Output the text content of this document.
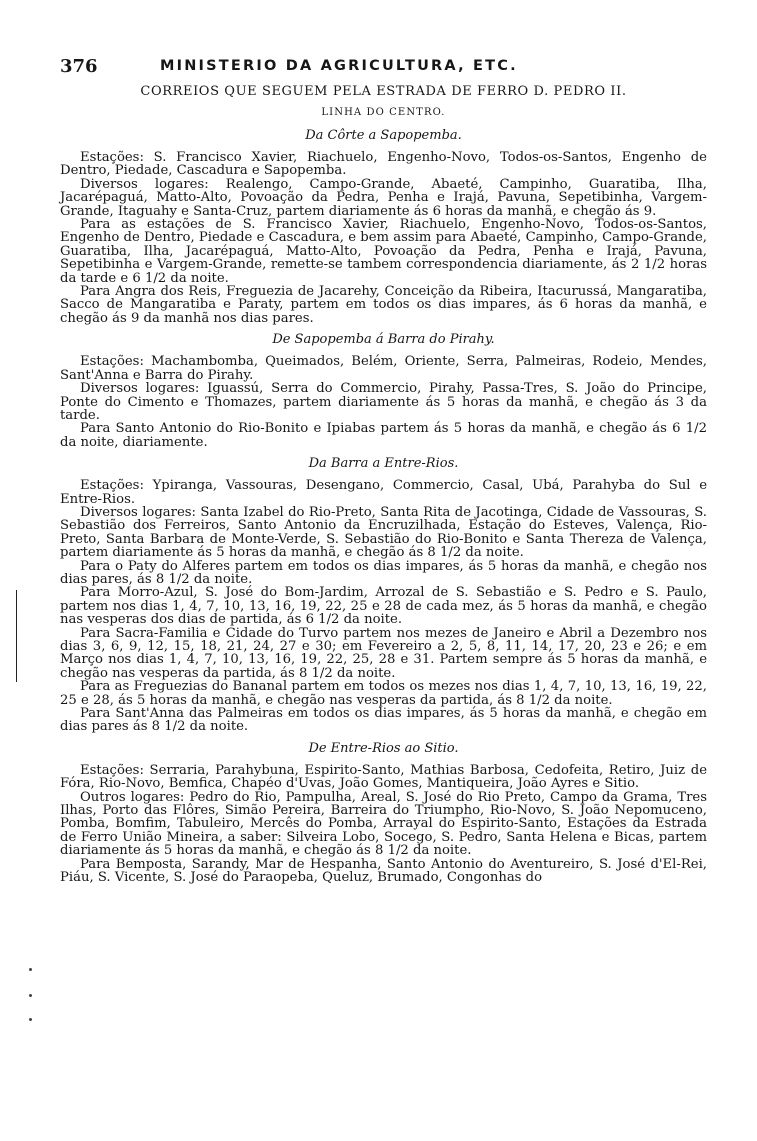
376	MINISTERIO DA AGRICULTURA, ETC.
CORREIOS QUE SEGUEM PELA ESTRADA DE FERRO D. PEDRO II.
LINHA DO CENTRO.
Da Côrte a Sapopemba.

Estações: S. Francisco Xavier, Riachuelo, Engenho-Novo, Todos-os-Santos, Engenho de Dentro, Piedade, Cascadura e Sapopemba.

Diversos logares: Realengo, Campo-Grande, Abaeté, Campinho, Guaratiba, Ilha, Jacarépaguá, Matto-Alto, Povoação da Pedra, Penha e Irajá, Pavuna, Sepetibinha, Vargem-Grande, Itaguahy e Santa-Cruz, partem diariamente ás 6 horas da manhã, e chegão ás 9.

Para as estações de S. Francisco Xavier, Riachuelo, Engenho-Novo, Todos-os-Santos, Engenho de Dentro, Piedade e Cascadura, e bem assim para Abaeté, Campinho, Campo-Grande, Guaratiba, Ilha, Jacarépaguá, Matto-Alto, Povoação da Pedra, Penha e Irajá, Pavuna, Sepetibinha e Vargem-Grande, remette-se tambem correspondencia diariamente, ás 2 1/2 horas da tarde e 6 1/2 da noite.

Para Angra dos Reis, Freguezia de Jacarehy, Conceição da Ribeira, Itacurussá, Mangaratiba, Sacco de Mangaratiba e Paraty, partem em todos os dias impares, ás 6 horas da manhã, e chegão ás 9 da manhã nos dias pares.

De Sapopemba á Barra do Pirahy.

Estações: Machambomba, Queimados, Belém, Oriente, Serra, Palmeiras, Rodeio, Mendes, Sant'Anna e Barra do Pirahy.

Diversos logares: Iguassú, Serra do Commercio, Pirahy, Passa-Tres, S. João do Principe, Ponte do Cimento e Thomazes, partem diariamente ás 5 horas da manhã, e chegão ás 3 da tarde.

Para Santo Antonio do Rio-Bonito e Ipiabas partem ás 5 horas da manhã, e chegão ás 6 1/2 da noite, diariamente.

Da Barra a Entre-Rios.

Estações: Ypiranga, Vassouras, Desengano, Commercio, Casal, Ubá, Parahyba do Sul e Entre-Rios.

Diversos logares: Santa Izabel do Rio-Preto, Santa Rita de Jacotinga, Cidade de Vassouras, S. Sebastião dos Ferreiros, Santo Antonio da Encruzilhada, Estação do Esteves, Valença, Rio-Preto, Santa Barbara de Monte-Verde, S. Sebastião do Rio-Bonito e Santa Thereza de Valença, partem diariamente ás 5 horas da manhã, e chegão ás 8 1/2 da noite.

Para o Paty do Alferes partem em todos os dias impares, ás 5 horas da manhã, e chegão nos dias pares, ás 8 1/2 da noite.

Para Morro-Azul, S. José do Bom-Jardim, Arrozal de S. Sebastião e S. Pedro e S. Paulo, partem nos dias 1, 4, 7, 10, 13, 16, 19, 22, 25 e 28 de cada mez, ás 5 horas da manhã, e chegão nas vesperas dos dias de partida, ás 6 1/2 da noite.

Para Sacra-Familia e Cidade do Turvo partem nos mezes de Janeiro e Abril a Dezembro nos dias 3, 6, 9, 12, 15, 18, 21, 24, 27 e 30; em Fevereiro a 2, 5, 8, 11, 14, 17, 20, 23 e 26; e em Março nos dias 1, 4, 7, 10, 13, 16, 19, 22, 25, 28 e 31. Partem sempre ás 5 horas da manhã, e chegão nas vesperas da partida, ás 8 1/2 da noite.

Para as Freguezias do Bananal partem em todos os mezes nos dias 1, 4, 7, 10, 13, 16, 19, 22, 25 e 28, ás 5 horas da manhã, e chegão nas vesperas da partida, ás 8 1/2 da noite.

Para Sant'Anna das Palmeiras em todos os dias impares, ás 5 horas da manhã, e chegão em dias pares ás 8 1/2 da noite.

De Entre-Rios ao Sitio.

Estações: Serraria, Parahybuna, Espirito-Santo, Mathias Barbosa, Cedofeita, Retiro, Juiz de Fóra, Rio-Novo, Bemfica, Chapéo d'Uvas, João Gomes, Mantiqueira, João Ayres e Sitio.

Outros logares: Pedro do Rio, Pampulha, Areal, S. José do Rio Preto, Campo da Grama, Tres Ilhas, Porto das Flôres, Simão Pereira, Barreira do Triumpho, Rio-Novo, S. João Nepomuceno, Pomba, Bomfim, Tabuleiro, Mercês do Pomba, Arrayal do Espirito-Santo, Estações da Estrada de Ferro União Mineira, a saber: Silveira Lobo, Socego, S. Pedro, Santa Helena e Bicas, partem diariamente ás 5 horas da manhã, e chegão ás 8 1/2 da noite.

Para Bemposta, Sarandy, Mar de Hespanha, Santo Antonio do Aventureiro, S. José d'El-Rei, Piáu, S. Vicente, S. José do Paraopeba, Queluz, Brumado, Congonhas do
